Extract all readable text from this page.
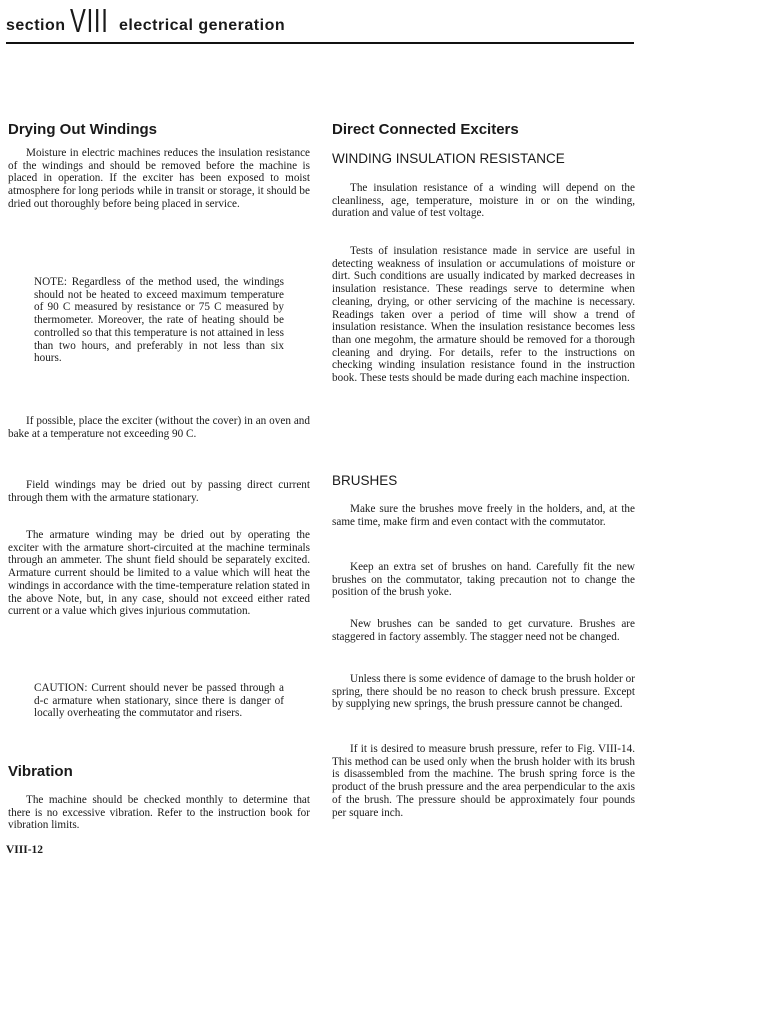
section VIII electrical generation
Drying Out Windings

Moisture in electric machines reduces the insulation resistance of the windings and should be removed before the machine is placed in operation. If the exciter has been exposed to moist atmosphere for long periods while in transit or storage, it should be dried out thoroughly before being placed in service.

NOTE: Regardless of the method used, the windings should not be heated to exceed maximum temperature of 90 C measured by resistance or 75 C measured by thermometer. Moreover, the rate of heating should be controlled so that this temperature is not attained in less than two hours, and preferably in not less than six hours.

If possible, place the exciter (without the cover) in an oven and bake at a temperature not exceeding 90 C.

Field windings may be dried out by passing direct current through them with the armature stationary.

The armature winding may be dried out by operating the exciter with the armature short-circuited at the machine terminals through an ammeter. The shunt field should be separately excited. Armature current should be limited to a value which will heat the windings in accordance with the time-temperature relation stated in the above Note, but, in any case, should not exceed either rated current or a value which gives injurious commutation.

CAUTION: Current should never be passed through a d-c armature when stationary, since there is danger of locally overheating the commutator and risers.

Vibration

The machine should be checked monthly to determine that there is no excessive vibration. Refer to the instruction book for vibration limits.

VIII-12
Direct Connected Exciters
WINDING INSULATION RESISTANCE

The insulation resistance of a winding will depend on the cleanliness, age, temperature, moisture in or on the winding, duration and value of test voltage.

Tests of insulation resistance made in service are useful in detecting weakness of insulation or accumulations of moisture or dirt. Such conditions are usually indicated by marked decreases in insulation resistance. These readings serve to determine when cleaning, drying, or other servicing of the machine is necessary. Readings taken over a period of time will show a trend of insulation resistance. When the insulation resistance becomes less than one megohm, the armature should be removed for a thorough cleaning and drying. For details, refer to the instructions on checking winding insulation resistance found in the instruction book. These tests should be made during each machine inspection.

BRUSHES

Make sure the brushes move freely in the holders, and, at the same time, make firm and even contact with the commutator.

Keep an extra set of brushes on hand. Carefully fit the new brushes on the commutator, taking precaution not to change the position of the brush yoke.

New brushes can be sanded to get curvature. Brushes are staggered in factory assembly. The stagger need not be changed.

Unless there is some evidence of damage to the brush holder or spring, there should be no reason to check brush pressure. Except by supplying new springs, the brush pressure cannot be changed.

If it is desired to measure brush pressure, refer to Fig. VIII-14. This method can be used only when the brush holder with its brush is disassembled from the machine. The brush spring force is the product of the brush pressure and the area perpendicular to the axis of the brush. The pressure should be approximately four pounds per square inch.
